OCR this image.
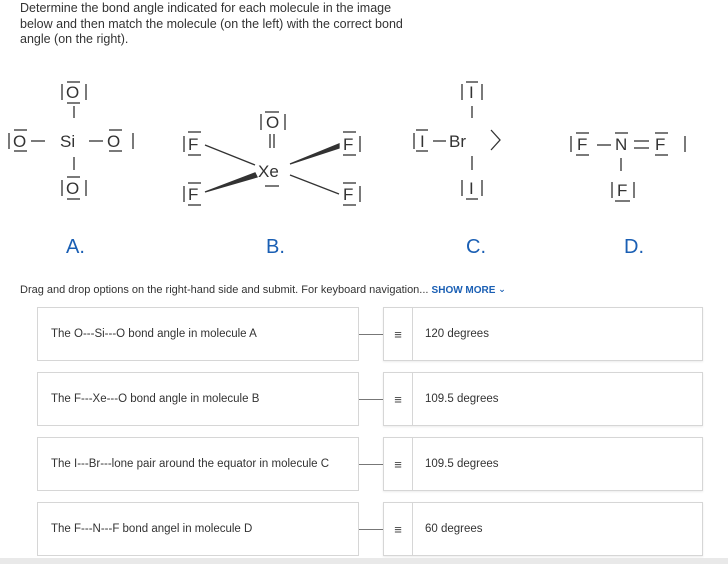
Determine the bond angle indicated for each molecule in the image below and then match the molecule (on the left) with the correct bond angle (on the right).
O
O Si O
O
A.
O
Xe
F
F
F
F
B.
I
I Br
I
C.
F N F
F
D.
Drag and drop options on the right-hand side and submit. For keyboard navigation... SHOW MORE ⌄
The O---Si---O bond angle in molecule A	≡	120 degrees
The F---Xe---O bond angle in molecule B	≡	109.5 degrees
The I---Br---lone pair around the equator in molecule C	≡	109.5 degrees
The F---N---F bond angel in molecule D	≡	60 degrees
